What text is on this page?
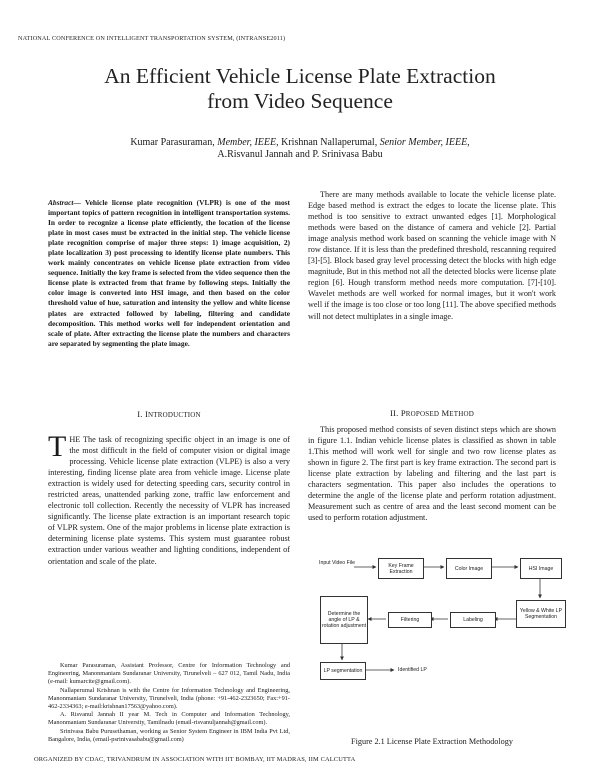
NATIONAL CONFERENCE ON INTELLIGENT TRANSPORTATION SYSTEM, (INTRANSE2011)
An Efficient Vehicle License Plate Extraction
from Video Sequence
Kumar Parasuraman, Member, IEEE, Krishnan Nallaperumal, Senior Member, IEEE,
A.Risvanul Jannah and P. Srinivasa Babu
Abstract— Vehicle license plate recognition (VLPR) is one of the most important topics of pattern recognition in intelligent transportation systems. In order to recognize a license plate efficiently, the location of the license plate in most cases must be extracted in the initial step. The vehicle license plate recognition comprise of major three steps: 1) image acquisition, 2) plate localization 3) post processing to identify license plate numbers. This work mainly concentrates on vehicle license plate extraction from video sequence. Initially the key frame is selected from the video sequence then the license plate is extracted from that frame by following steps. Initially the color image is converted into HSI image, and then based on the color threshold value of hue, saturation and intensity the yellow and white license plates are extracted followed by labeling, filtering and candidate decomposition. This method works well for independent orientation and scale of plate. After extracting the license plate the numbers and characters are separated by segmenting the plate image.
I. INTRODUCTION
THE The task of recognizing specific object in an image is one of the most difficult in the field of computer vision or digital image processing. Vehicle license plate extraction (VLPE) is also a very interesting, finding license plate area from vehicle image. License plate extraction is widely used for detecting speeding cars, security control in restricted areas, unattended parking zone, traffic law enforcement and electronic toll collection. Recently the necessity of VLPR has increased significantly. The license plate extraction is an important research topic of VLPR system. One of the major problems in license plate extraction is determining license plate systems. This system must guarantee robust extraction under various weather and lighting conditions, independent of orientation and scale of the plate.

Kumar Parasuraman, Assistant Professor, Centre for Information Technology and Engineering, Manonmaniam Sundaranar University, Tirunelveli – 627 012, Tamil Nadu, India (e-mail: kumarcite@gmail.com).

Nallaperumal Krishnan is with the Centre for Information Technology and Engineering, Manonmaniam Sundaranar University, Tirunelveli, India (phone: +91-462-2323650; Fax:+91-462-2334363; e-mail:krishnan17563@yahoo.com).

A. Risvanul Jannah II year M. Tech in Computer and Information Technology, Manonmaniam Sundaranar University, Tamilnadu (email-risvanuljannah@gmail.com).

Srinivasa Babu Purusethaman, working as Senior System Engineer in IBM India Pvt Ltd, Bangalore, India, (email-psrinivasababu@gmail.com)

There are many methods available to locate the vehicle license plate. Edge based method is extract the edges to locate the license plate. This method is too sensitive to extract unwanted edges [1]. Morphological methods were based on the distance of camera and vehicle [2]. Partial image analysis method work based on scanning the vehicle image with N row distance. If it is less than the predefined threshold, rescanning required [3]-[5]. Block based gray level processing detect the blocks with high edge magnitude, But in this method not all the detected blocks were license plate region [6]. Hough transform method needs more computation. [7]-[10]. Wavelet methods are well worked for normal images, but it won't work well if the image is too close or too long [11]. The above specified methods will not detect multiplates in a single image.
II. PROPOSED METHOD
This proposed method consists of seven distinct steps which are shown in figure 1.1. Indian vehicle license plates is classified as shown in table 1.This method will work well for single and two row license plates as shown in figure 2. The first part is key frame extraction. The second part is license plate extraction by labeling and filtering and the last part is characters segmentation. This paper also includes the operations to determine the angle of the license plate and perform rotation adjustment. Measurement such as centre of area and the least second moment can be used to perform rotation adjustment.
Input Video File	Key Frame Extraction	Color Image	HSI Image
Yellow & White LP Segmentation
Labeling
Filtering
Determine the angle of LP & rotation adjustment
LP segmentation	Identified LP
Figure 2.1 License Plate Extraction Methodology
ORGANIZED BY CDAC, TRIVANDRUM IN ASSOCIATION WITH IIT BOMBAY, IIT MADRAS, IIM CALCUTTA
